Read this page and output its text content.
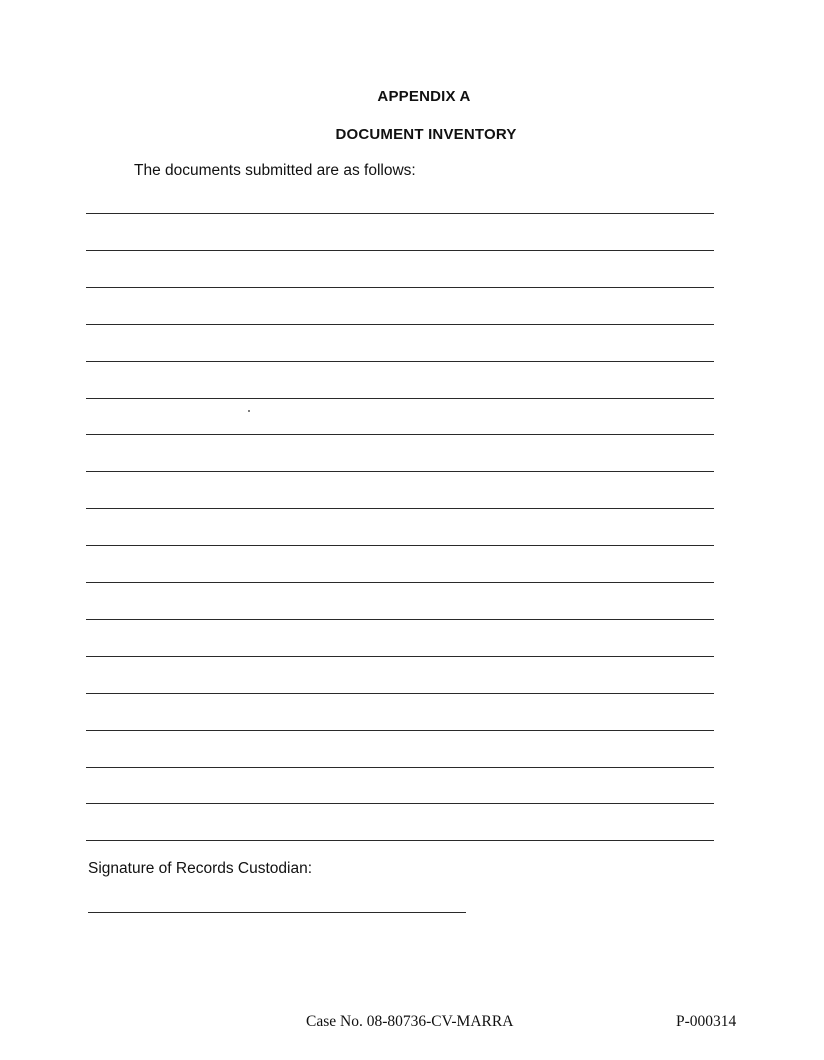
APPENDIX A
DOCUMENT INVENTORY
The documents submitted are as follows:
Signature of Records Custodian:
Case No. 08-80736-CV-MARRA	P-000314
